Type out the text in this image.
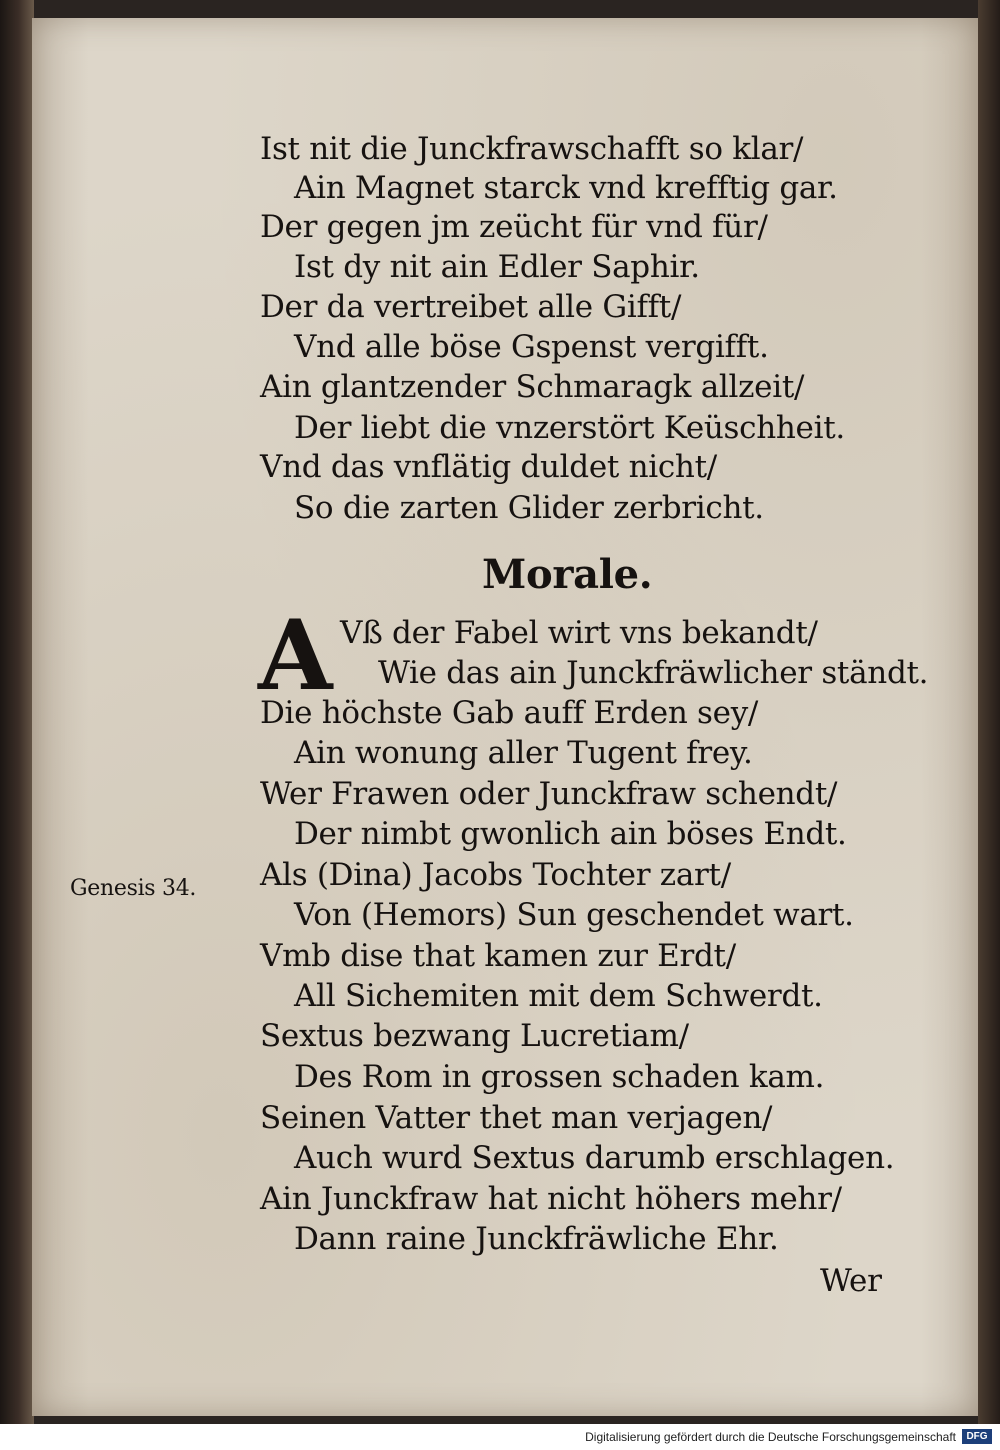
Ist nit die Junckfrawschafft so klar/
Ain Magnet starck vnd krefftig gar.
Der gegen jm zeücht für vnd für/
Ist dy nit ain Edler Saphir.
Der da vertreibet alle Gifft/
Vnd alle böse Gspenst vergifft.
Ain glantzender Schmaragk allzeit/
Der liebt die vnzerstört Keüschheit.
Vnd das vnflätig duldet nicht/
So die zarten Glider zerbricht.
Morale.
A Vß der Fabel wirt vns bekandt/
Wie das ain Junckfräwlicher ständt.
Die höchste Gab auff Erden sey/
Ain wonung aller Tugent frey.
Wer Frawen oder Junckfraw schendt/
Der nimbt gwonlich ain böses Endt.
Als (Dina) Jacobs Tochter zart/
Von (Hemors) Sun geschendet wart.
Vmb dise that kamen zur Erdt/
All Sichemiten mit dem Schwerdt.
Sextus bezwang Lucretiam/
Des Rom in grossen schaden kam.
Seinen Vatter thet man verjagen/
Auch wurd Sextus darumb erschlagen.
Ain Junckfraw hat nicht höhers mehr/
Dann raine Junckfräwliche Ehr.
Genesis 34.
Wer
Digitalisierung gefördert durch die Deutsche Forschungsgemeinschaft	DFG
